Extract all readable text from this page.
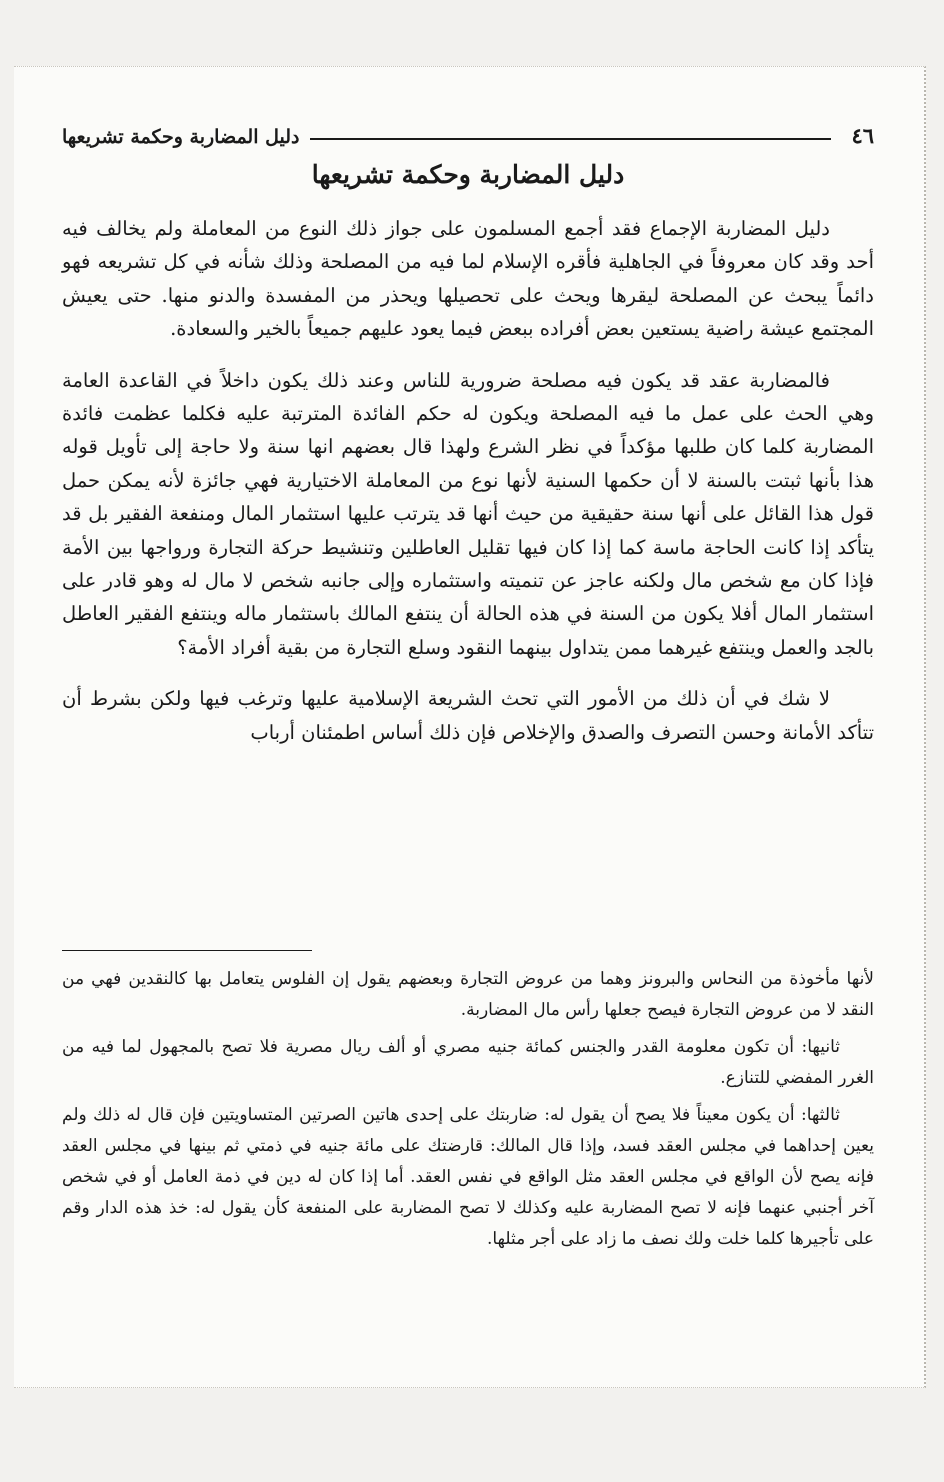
٤٦
دليل المضاربة وحكمة تشريعها
دليل المضاربة وحكمة تشريعها

دليل المضاربة الإجماع فقد أجمع المسلمون على جواز ذلك النوع من المعاملة ولم يخالف فيه أحد وقد كان معروفاً في الجاهلية فأقره الإسلام لما فيه من المصلحة وذلك شأنه في كل تشريعه فهو دائماً يبحث عن المصلحة ليقرها ويحث على تحصيلها ويحذر من المفسدة والدنو منها. حتى يعيش المجتمع عيشة راضية يستعين بعض أفراده ببعض فيما يعود عليهم جميعاً بالخير والسعادة.

فالمضاربة عقد قد يكون فيه مصلحة ضرورية للناس وعند ذلك يكون داخلاً في القاعدة العامة وهي الحث على عمل ما فيه المصلحة ويكون له حكم الفائدة المترتبة عليه فكلما عظمت فائدة المضاربة كلما كان طلبها مؤكداً في نظر الشرع ولهذا قال بعضهم انها سنة ولا حاجة إلى تأويل قوله هذا بأنها ثبتت بالسنة لا أن حكمها السنية لأنها نوع من المعاملة الاختيارية فهي جائزة لأنه يمكن حمل قول هذا القائل على أنها سنة حقيقية من حيث أنها قد يترتب عليها استثمار المال ومنفعة الفقير بل قد يتأكد إذا كانت الحاجة ماسة كما إذا كان فيها تقليل العاطلين وتنشيط حركة التجارة ورواجها بين الأمة فإذا كان مع شخص مال ولكنه عاجز عن تنميته واستثماره وإلى جانبه شخص لا مال له وهو قادر على استثمار المال أفلا يكون من السنة في هذه الحالة أن ينتفع المالك باستثمار ماله وينتفع الفقير العاطل بالجد والعمل وينتفع غيرهما ممن يتداول بينهما النقود وسلع التجارة من بقية أفراد الأمة؟

لا شك في أن ذلك من الأمور التي تحث الشريعة الإسلامية عليها وترغب فيها ولكن بشرط أن تتأكد الأمانة وحسن التصرف والصدق والإخلاص فإن ذلك أساس اطمئنان أرباب

لأنها مأخوذة من النحاس والبرونز وهما من عروض التجارة وبعضهم يقول إن الفلوس يتعامل بها كالنقدين فهي من النقد لا من عروض التجارة فيصح جعلها رأس مال المضاربة.

ثانيها: أن تكون معلومة القدر والجنس كمائة جنيه مصري أو ألف ريال مصرية فلا تصح بالمجهول لما فيه من الغرر المفضي للتنازع.

ثالثها: أن يكون معيناً فلا يصح أن يقول له: ضاربتك على إحدى هاتين الصرتين المتساويتين فإن قال له ذلك ولم يعين إحداهما في مجلس العقد فسد، وإذا قال المالك: قارضتك على مائة جنيه في ذمتي ثم بينها في مجلس العقد فإنه يصح لأن الواقع في مجلس العقد مثل الواقع في نفس العقد. أما إذا كان له دين في ذمة العامل أو في شخص آخر أجنبي عنهما فإنه لا تصح المضاربة عليه وكذلك لا تصح المضاربة على المنفعة كأن يقول له: خذ هذه الدار وقم على تأجيرها كلما خلت ولك نصف ما زاد على أجر مثلها.
